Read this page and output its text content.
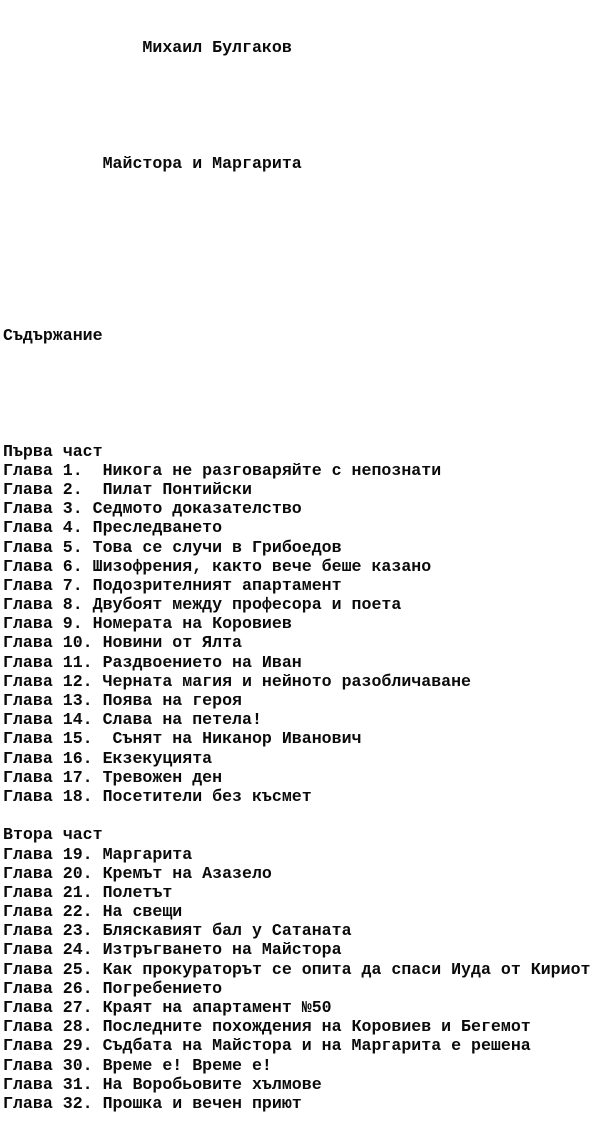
Михаил Булгаков

Майстора и Маргарита

Съдържание

Първа част
Глава 1.  Никога не разговаряйте с непознати
Глава 2.  Пилат Понтийски
Глава 3. Седмото доказателство
Глава 4. Преследването
Глава 5. Това се случи в Грибоедов
Глава 6. Шизофрения, както вече беше казано
Глава 7. Подозрителният апартамент
Глава 8. Двубоят между професора и поета
Глава 9. Номерата на Коровиев
Глава 10. Новини от Ялта
Глава 11. Раздвоението на Иван
Глава 12. Черната магия и нейното разобличаване
Глава 13. Поява на героя
Глава 14. Слава на петела!
Глава 15.  Сънят на Никанор Иванович
Глава 16. Екзекуцията
Глава 17. Тревожен ден
Глава 18. Посетители без късмет
Втора част
Глава 19. Маргарита
Глава 20. Кремът на Азазело
Глава 21. Полетът
Глава 22. На свещи
Глава 23. Бляскавият бал у Сатаната
Глава 24. Изтръгването на Майстора
Глава 25. Как прокураторът се опита да спаси Иуда от Кириот
Глава 26. Погребението
Глава 27. Краят на апартамент №50
Глава 28. Последните похождения на Коровиев и Бегемот
Глава 29. Съдбата на Майстора и на Маргарита е решена
Глава 30. Време е! Време е!
Глава 31. На Воробьовите хълмове
Глава 32. Прошка и вечен приют
